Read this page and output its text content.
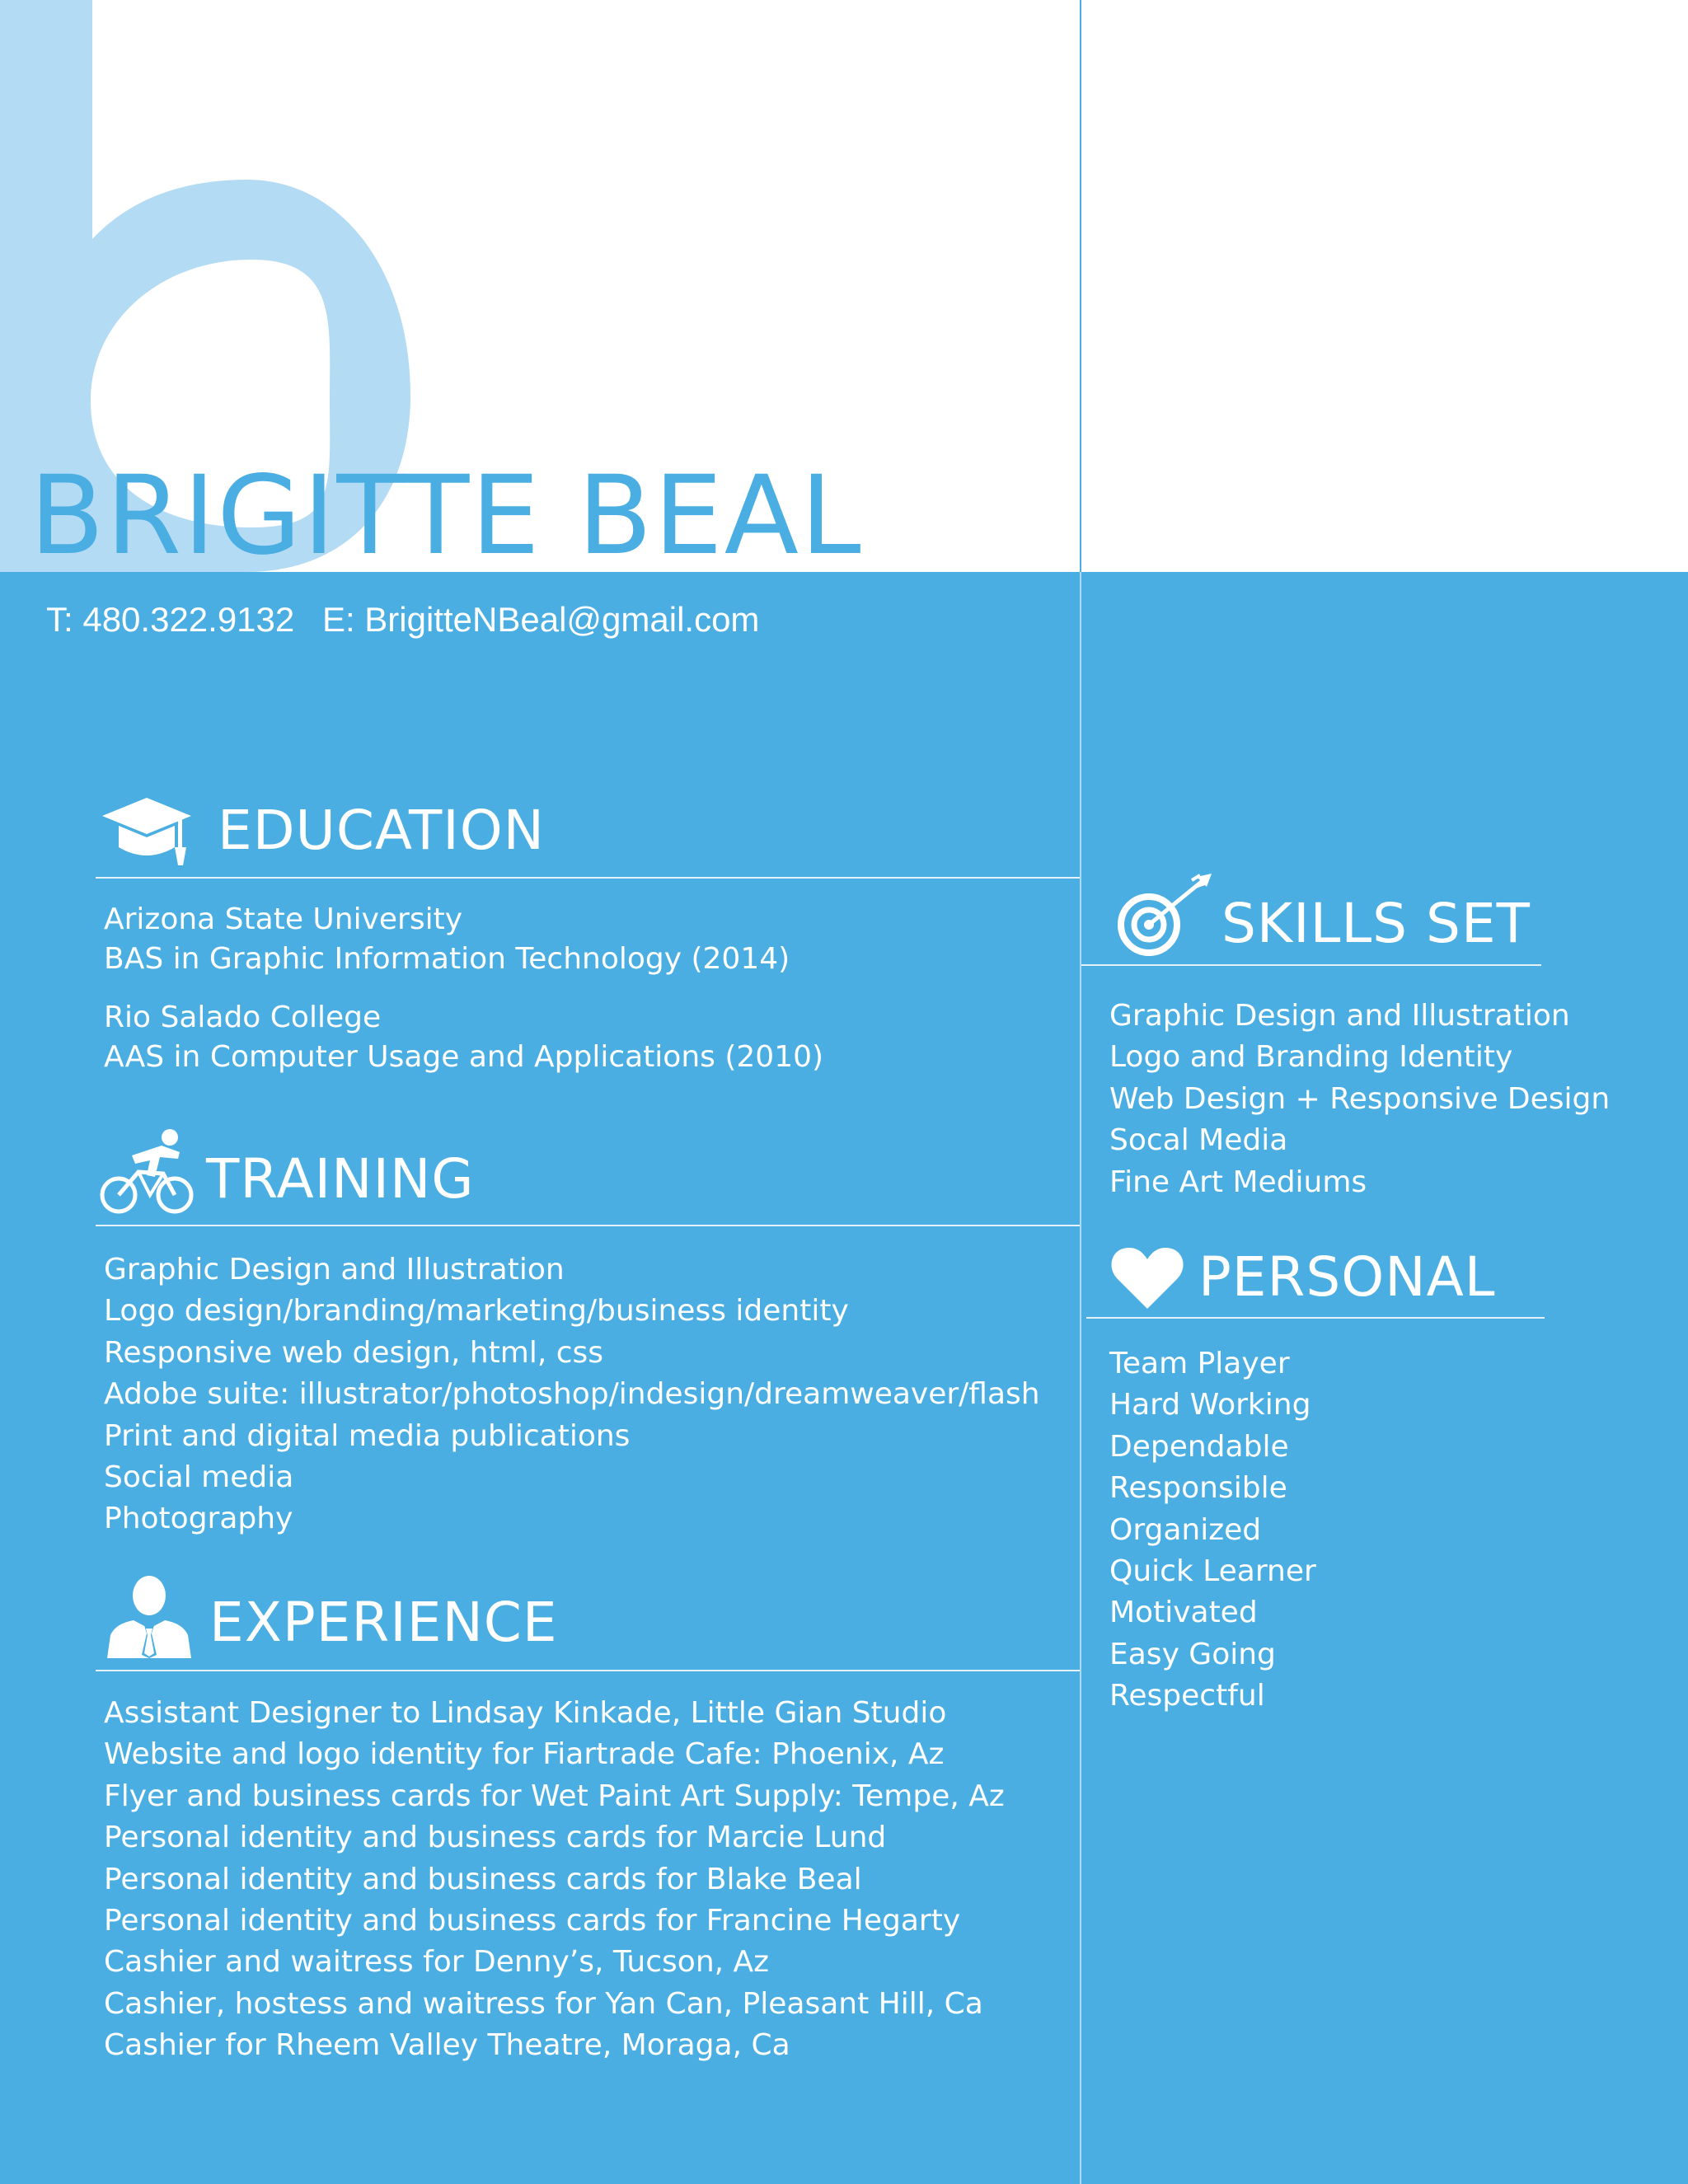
BRIGITTE BEAL
T: 480.322.9132 E: BrigitteNBeal@gmail.com
EDUCATION
Arizona State University
BAS in Graphic Information Technology (2014)
Rio Salado College
AAS in Computer Usage and Applications (2010)
TRAINING
Graphic Design and Illustration
Logo design/branding/marketing/business identity
Responsive web design, html, css
Adobe suite: illustrator/photoshop/indesign/dreamweaver/flash
Print and digital media publications
Social media
Photography
EXPERIENCE
Assistant Designer to Lindsay Kinkade, Little Gian Studio
Website and logo identity for Fiartrade Cafe: Phoenix, Az
Flyer and business cards for Wet Paint Art Supply: Tempe, Az
Personal identity and business cards for Marcie Lund
Personal identity and business cards for Blake Beal
Personal identity and business cards for Francine Hegarty
Cashier and waitress for Denny’s, Tucson, Az
Cashier, hostess and waitress for Yan Can, Pleasant Hill, Ca
Cashier for Rheem Valley Theatre, Moraga, Ca
SKILLS SET
Graphic Design and Illustration
Logo and Branding Identity
Web Design + Responsive Design
Socal Media
Fine Art Mediums
PERSONAL
Team Player
Hard Working
Dependable
Responsible
Organized
Quick Learner
Motivated
Easy Going
Respectful
